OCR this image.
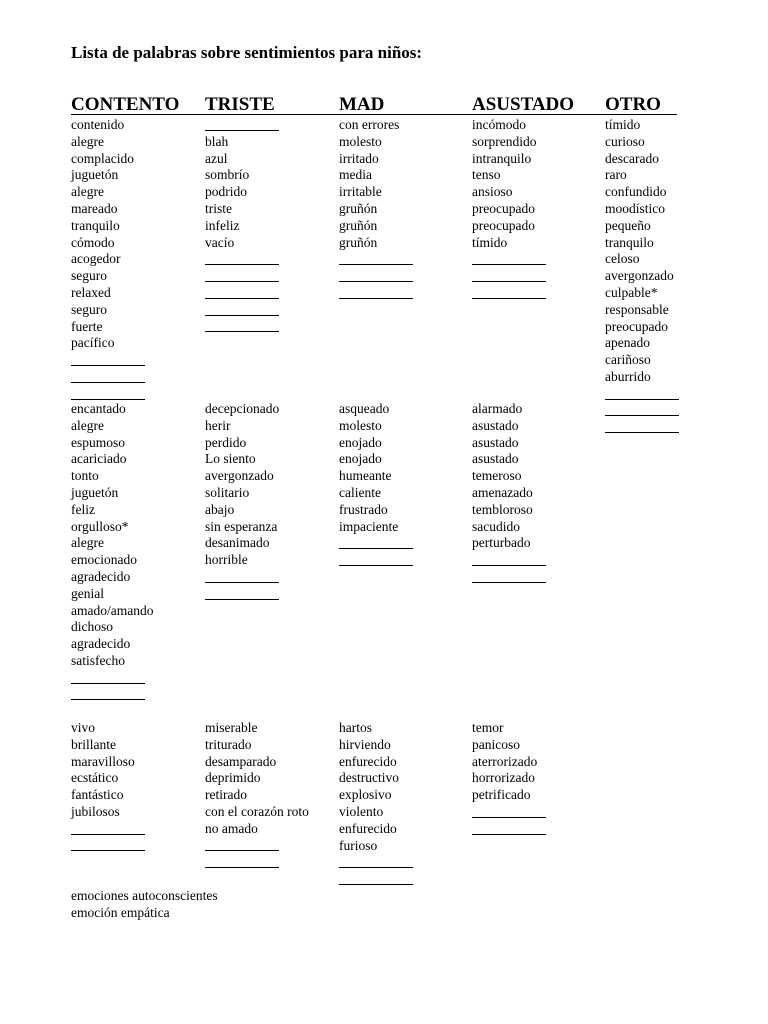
Lista de palabras sobre sentimientos para niños:
CONTENTO TRISTE	MAD	ASUSTADO OTRO
contenido
alegre
complacido
juguetón
alegre
mareado
tranquilo
cómodo
acogedor
seguro
relaxed
seguro
fuerte
pacífico
blah
azul
sombrío
podrido
triste
infeliz
vacío
con errores
molesto
irritado
media
irritable
gruñón
gruñón
gruñón
incómodo
sorprendido
intranquilo
tenso
ansioso
preocupado
preocupado
tímido
tímido
curioso
descarado
raro
confundido
moodístico
pequeño
tranquilo
celoso
avergonzado
culpable*
responsable
preocupado
apenado
cariñoso
aburrido
encantado
alegre
espumoso
acariciado
tonto
juguetón
feliz
orgulloso*
alegre
emocionado
agradecido
genial
amado/amando
dichoso
agradecido
satisfecho
decepcionado
herir
perdido
Lo siento
avergonzado
solitario
abajo
sin esperanza
desanimado
horrible
asqueado
molesto
enojado
enojado
humeante
caliente
frustrado
impaciente
alarmado
asustado
asustado
asustado
temeroso
amenazado
tembloroso
sacudido
perturbado
vivo
brillante
maravilloso
ecstático
fantástico
jubilosos
miserable
triturado
desamparado
deprimido
retirado
con el corazón roto
no amado
hartos
hirviendo
enfurecido
destructivo
explosivo
violento
enfurecido
furioso
temor
panicoso
aterrorizado
horrorizado
petrificado
emociones autoconscientes
emoción empática
